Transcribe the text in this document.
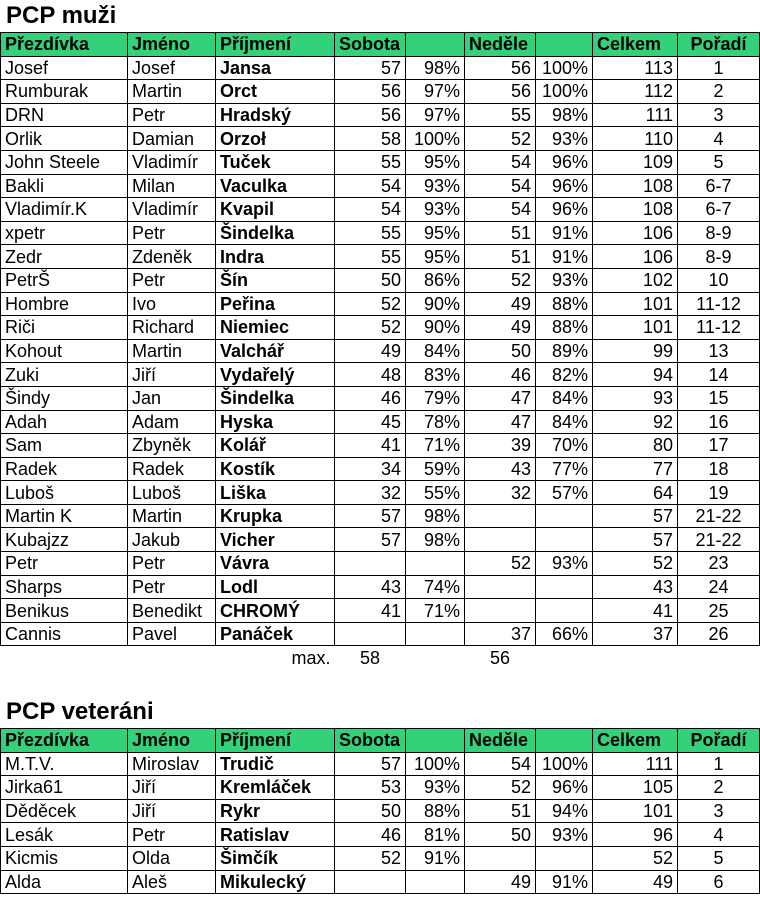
PCP muži
Přezdívka	Jméno	Příjmení	Sobota		Neděle		Celkem	Pořadí
Josef	Josef	Jansa	57	98%	56	100%	113	1
Rumburak	Martin	Orct	56	97%	56	100%	112	2
DRN	Petr	Hradský	56	97%	55	98%	111	3
Orlik	Damian	Orzoł	58	100%	52	93%	110	4
John Steele	Vladimír	Tuček	55	95%	54	96%	109	5
Bakli	Milan	Vaculka	54	93%	54	96%	108	6-7
Vladimír.K	Vladimír	Kvapil	54	93%	54	96%	108	6-7
xpetr	Petr	Šindelka	55	95%	51	91%	106	8-9
Zedr	Zdeněk	Indra	55	95%	51	91%	106	8-9
PetrŠ	Petr	Šín	50	86%	52	93%	102	10
Hombre	Ivo	Peřina	52	90%	49	88%	101	11-12
Riči	Richard	Niemiec	52	90%	49	88%	101	11-12
Kohout	Martin	Valchář	49	84%	50	89%	99	13
Zuki	Jiří	Vydařelý	48	83%	46	82%	94	14
Šindy	Jan	Šindelka	46	79%	47	84%	93	15
Adah	Adam	Hyska	45	78%	47	84%	92	16
Sam	Zbyněk	Kolář	41	71%	39	70%	80	17
Radek	Radek	Kostík	34	59%	43	77%	77	18
Luboš	Luboš	Liška	32	55%	32	57%	64	19
Martin K	Martin	Krupka	57	98%			57	21-22
Kubajzz	Jakub	Vicher	57	98%			57	21-22
Petr	Petr	Vávra			52	93%	52	23
Sharps	Petr	Lodl	43	74%			43	24
Benikus	Benedikt	CHROMÝ	41	71%			41	25
Cannis	Pavel	Panáček			37	66%	37	26
		max.	58		56			
PCP veteráni
Přezdívka	Jméno	Příjmení	Sobota		Neděle		Celkem	Pořadí
M.T.V.	Miroslav	Trudič	57	100%	54	100%	111	1
Jirka61	Jiří	Kremláček	53	93%	52	96%	105	2
Děděcek	Jiří	Rykr	50	88%	51	94%	101	3
Lesák	Petr	Ratislav	46	81%	50	93%	96	4
Kicmis	Olda	Šimčík	52	91%			52	5
Alda	Aleš	Mikulecký			49	91%	49	6
